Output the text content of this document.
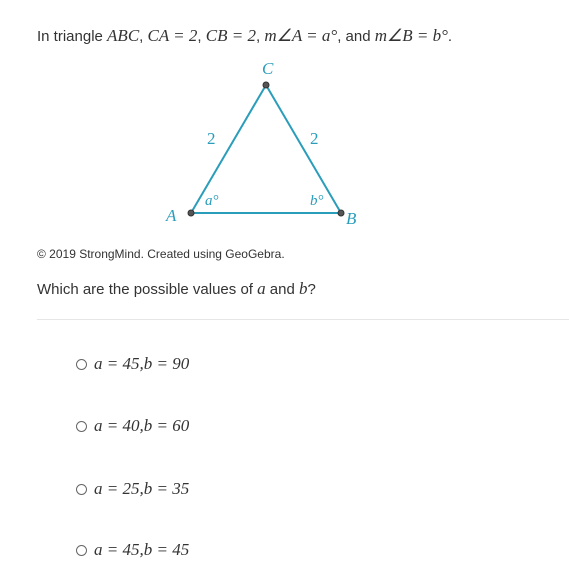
In triangle ABC, CA = 2, CB = 2, m∠A = a°, and m∠B = b°.
C
A	B
2	2
a°	b°
© 2019 StrongMind. Created using GeoGebra.
Which are the possible values of a and b?
a = 45 , b = 90
a = 40 , b = 60
a = 25 , b = 35
a = 45 , b = 45
